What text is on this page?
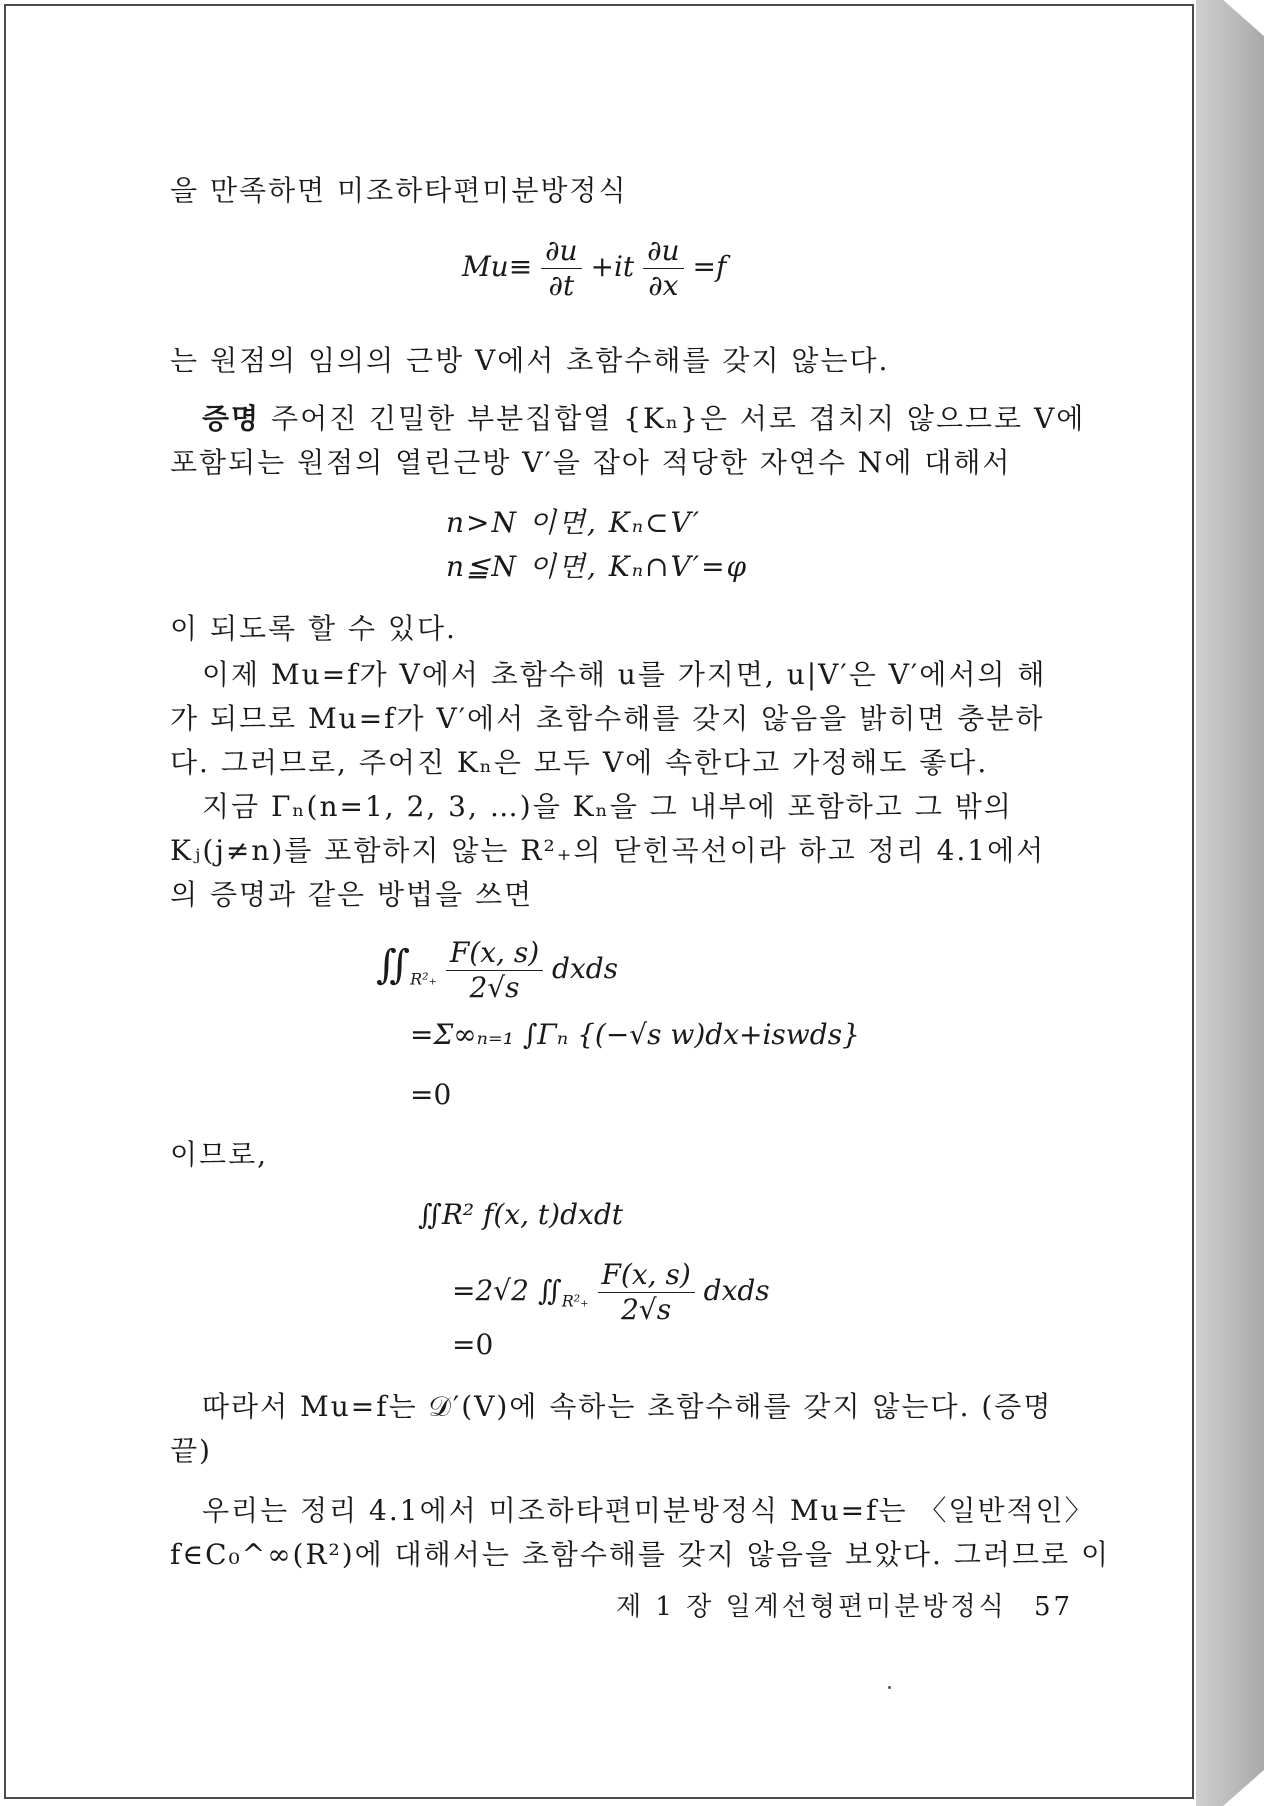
을 만족하면 미조하타편미분방정식
$Mu\equiv \frac{\partial u}{\partial t} +it \frac{\partial u}{\partial x} =f$
는 원점의 임의의 근방 V에서 초함수해를 갖지 않는다.
증명 주어진 긴밀한 부분집합열 {Kₙ}은 서로 겹치지 않으므로 V에
포함되는 원점의 열린근방 V′을 잡아 적당한 자연수 N에 대해서
n>N 이면, Kₙ⊂V′
n≦N 이면, Kₙ∩V′=φ
이 되도록 할 수 있다.
이제 Mu=f가 V에서 초함수해 u를 가지면, u|V′은 V′에서의 해
가 되므로 Mu=f가 V′에서 초함수해를 갖지 않음을 밝히면 충분하
다. 그러므로, 주어진 Kₙ은 모두 V에 속한다고 가정해도 좋다.
지금 Γₙ(n=1, 2, 3, …)을 Kₙ을 그 내부에 포함하고 그 밖의
Kⱼ(j≠n)를 포함하지 않는 R²₊의 닫힌곡선이라 하고 정리 4.1에서
의 증명과 같은 방법을 쓰면
$∬_{R^2_+} \frac{F(x, s)}{2√s}$ dxds
=Σ∞ₙ₌₁ ∫Γₙ {(−√s w)dx+iswds}
=0
이므로,
∬R² f(x, t)dxdt
=2√2 $∬_{R^2_+} \frac{F(x, s)}{2√s}$ dxds
=0
따라서 Mu=f는 𝒟′(V)에 속하는 초함수해를 갖지 않는다. (증명
끝)
우리는 정리 4.1에서 미조하타편미분방정식 Mu=f는 〈일반적인〉
f∈C₀^∞(R²)에 대해서는 초함수해를 갖지 않음을 보았다. 그러므로 이
제 1 장 일계선형편미분방정식 57
